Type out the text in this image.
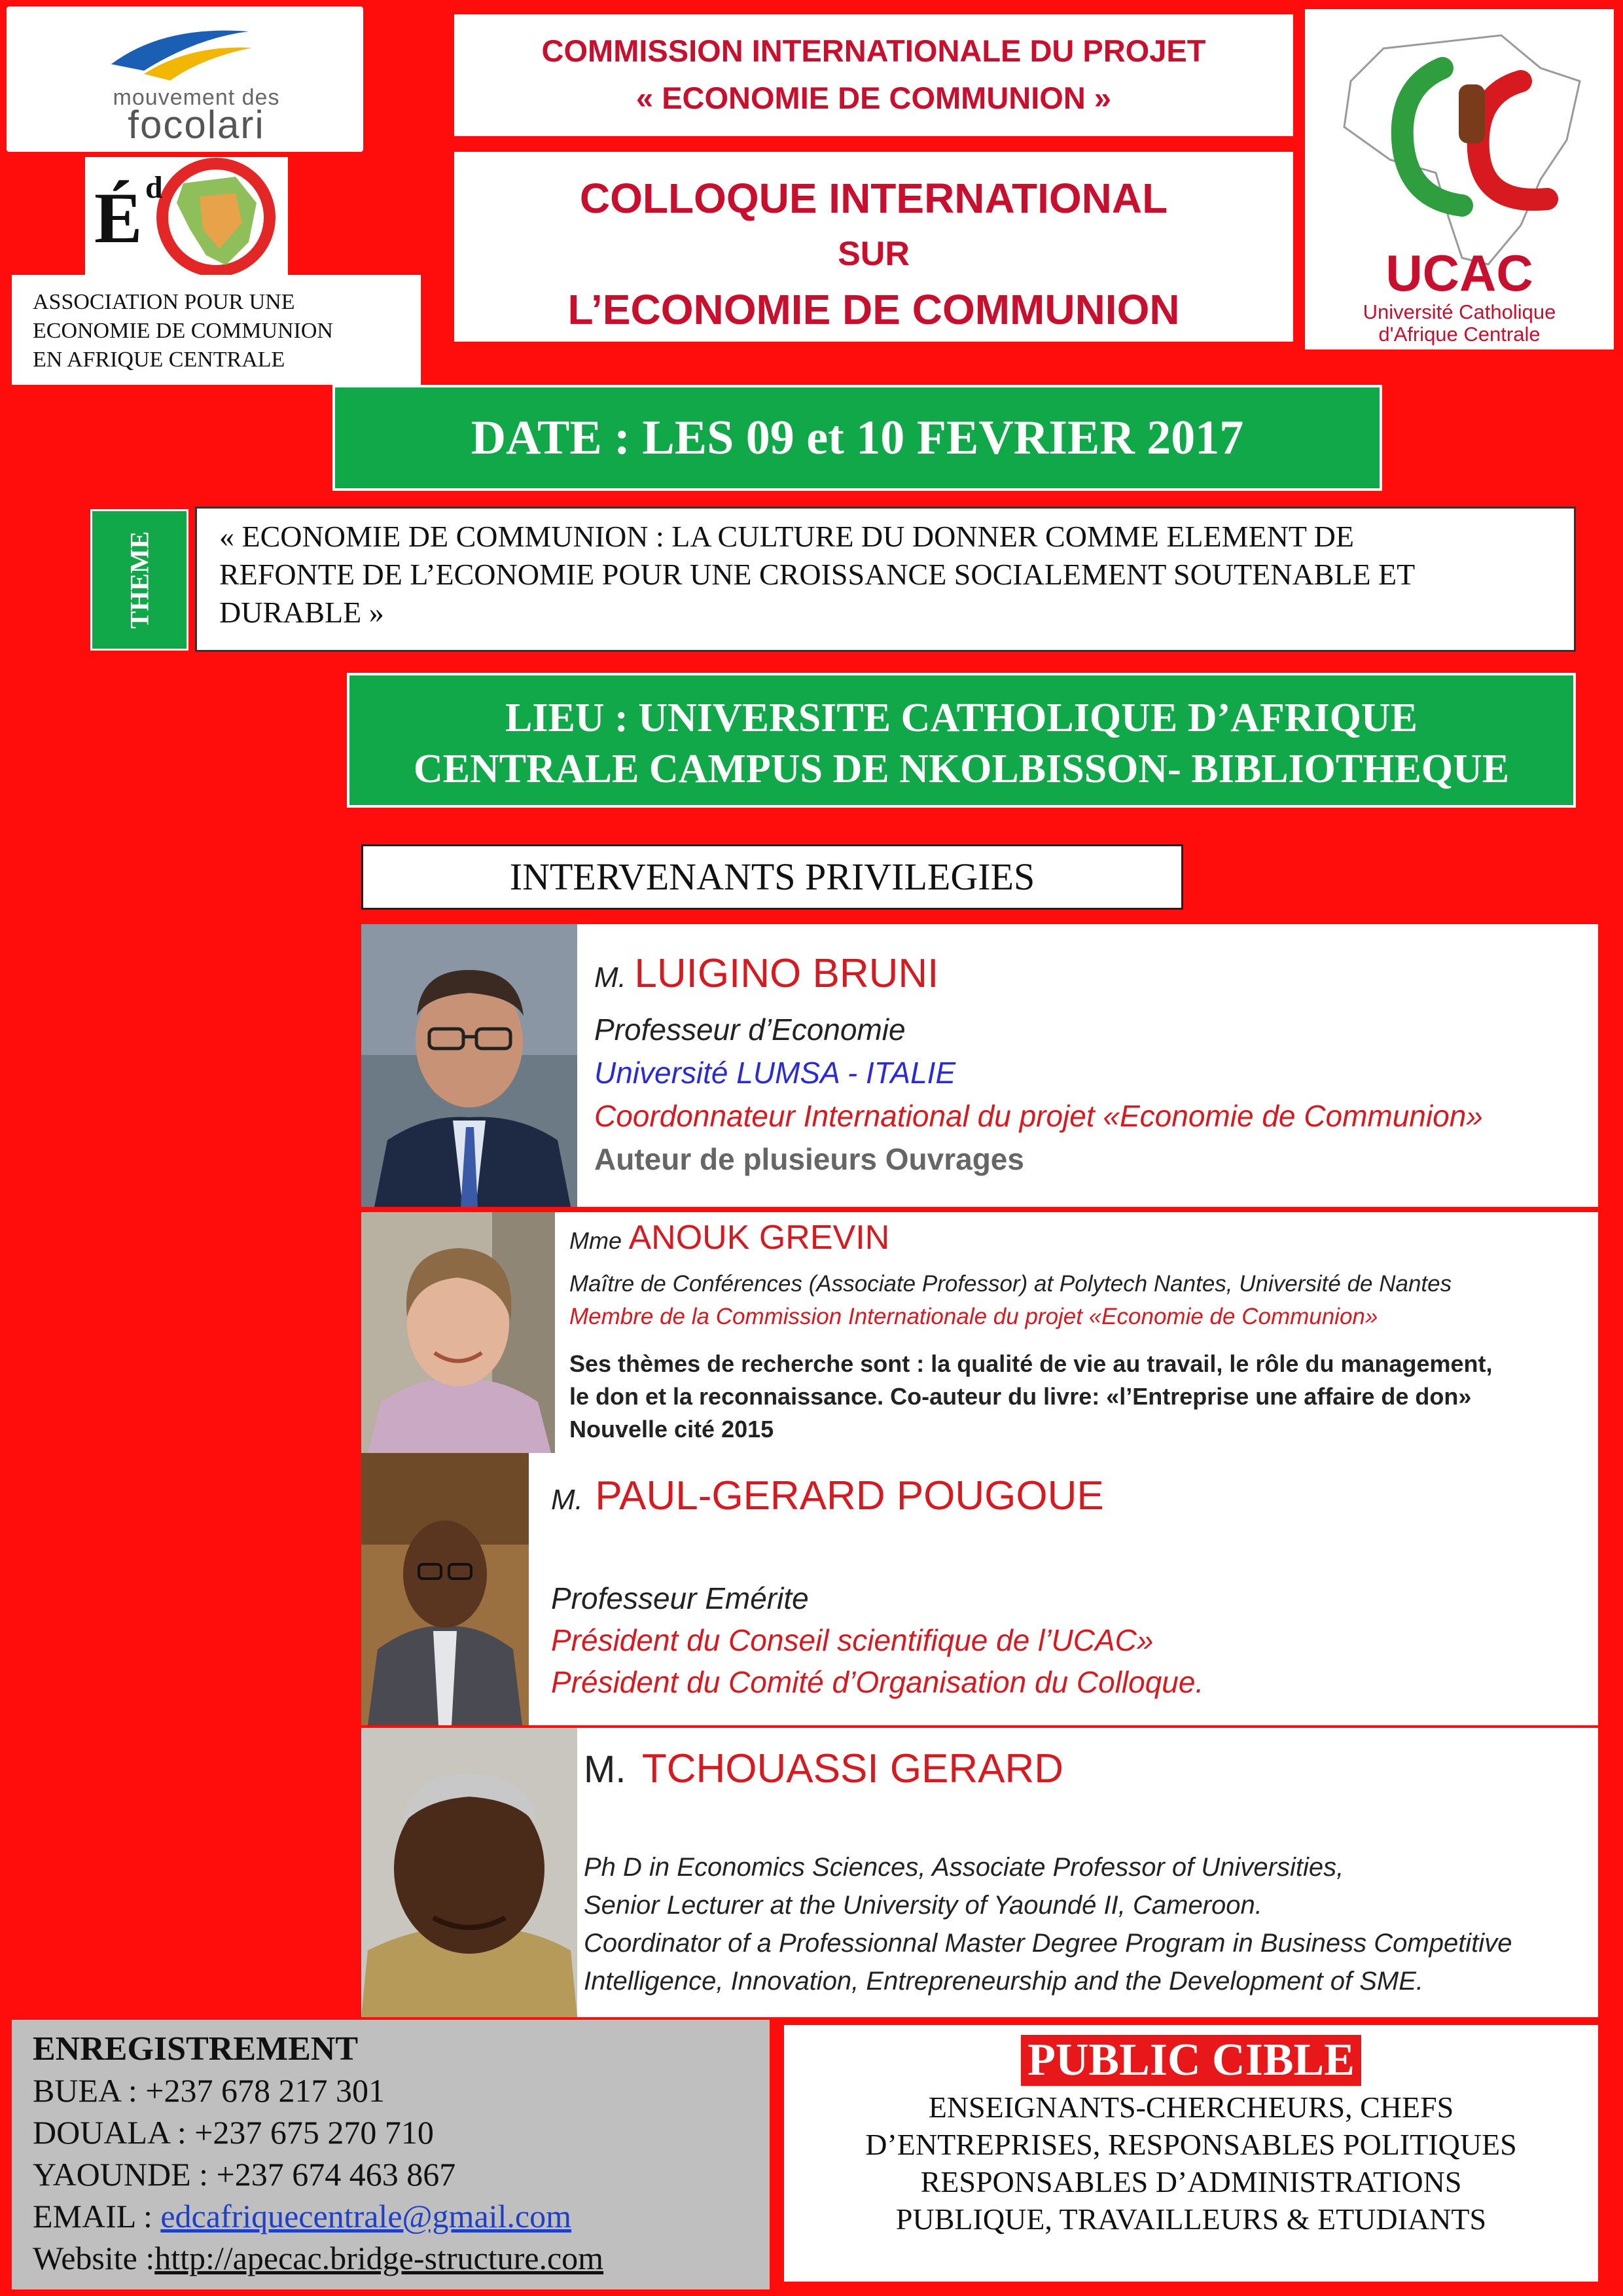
mouvement des
focolari
É d
ASSOCIATION POUR UNE
ECONOMIE DE COMMUNION
EN AFRIQUE CENTRALE
COMMISSION INTERNATIONALE DU PROJET
« ECONOMIE DE COMMUNION »
COLLOQUE INTERNATIONAL
SUR
L’ECONOMIE DE COMMUNION
UCAC
Université Catholique
d'Afrique Centrale
DATE : LES 09 et 10 FEVRIER 2017
THEME « ECONOMIE DE COMMUNION : LA CULTURE DU DONNER COMME ELEMENT DE
REFONTE DE L’ECONOMIE POUR UNE CROISSANCE SOCIALEMENT SOUTENABLE ET
DURABLE »
LIEU : UNIVERSITE CATHOLIQUE D’AFRIQUE
CENTRALE CAMPUS DE NKOLBISSON- BIBLIOTHEQUE
INTERVENANTS PRIVILEGIES
M. LUIGINO BRUNI
Professeur d’Economie
Université LUMSA - ITALIE
Coordonnateur International du projet «Economie de Communion»
Auteur de plusieurs Ouvrages
Mme ANOUK GREVIN
Maître de Conférences (Associate Professor) at Polytech Nantes, Université de Nantes
Membre de la Commission Internationale du projet «Economie de Communion»
Ses thèmes de recherche sont : la qualité de vie au travail, le rôle du management,
le don et la reconnaissance. Co-auteur du livre: «l’Entreprise une affaire de don»
Nouvelle cité 2015
M. PAUL-GERARD POUGOUE
Professeur Emérite
Président du Conseil scientifique de l’UCAC»
Président du Comité d’Organisation du Colloque.
M. TCHOUASSI GERARD
Ph D in Economics Sciences, Associate Professor of Universities,
Senior Lecturer at the University of Yaoundé II, Cameroon.
Coordinator of a Professionnal Master Degree Program in Business Competitive
Intelligence, Innovation, Entrepreneurship and the Development of SME.
ENREGISTREMENT
BUEA : +237 678 217 301
DOUALA : +237 675 270 710
YAOUNDE : +237 674 463 867
EMAIL : edcafriquecentrale@gmail.com
Website :http://apecac.bridge-structure.com
PUBLIC CIBLE
ENSEIGNANTS-CHERCHEURS, CHEFS
D’ENTREPRISES, RESPONSABLES POLITIQUES
RESPONSABLES D’ADMINISTRATIONS
PUBLIQUE, TRAVAILLEURS & ETUDIANTS
